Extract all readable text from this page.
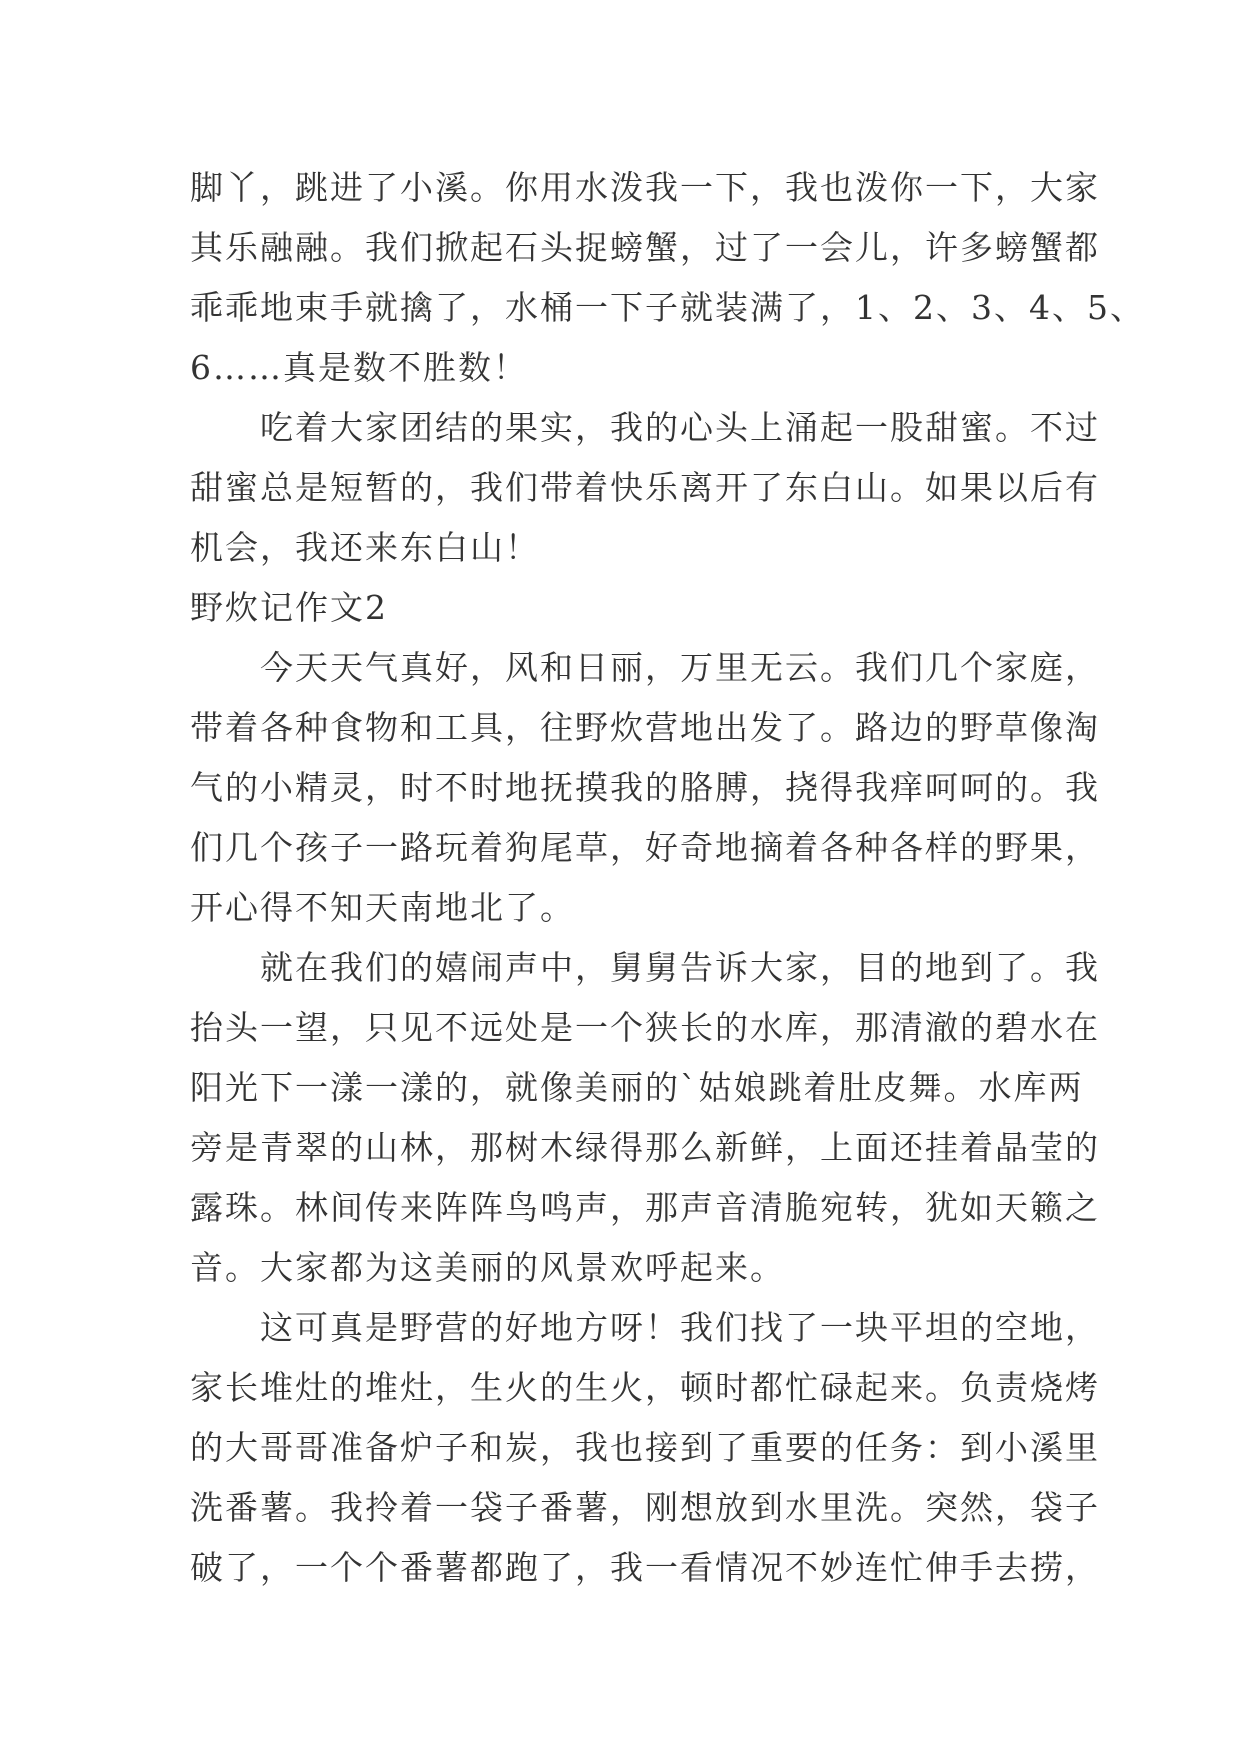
脚丫，跳进了小溪。你用水泼我一下，我也泼你一下，大家
其乐融融。我们掀起石头捉螃蟹，过了一会儿，许多螃蟹都
乖乖地束手就擒了，水桶一下子就装满了，1、2、3、4、5、
6……真是数不胜数！
吃着大家团结的果实，我的心头上涌起一股甜蜜。不过
甜蜜总是短暂的，我们带着快乐离开了东白山。如果以后有
机会，我还来东白山！
野炊记作文2
今天天气真好，风和日丽，万里无云。我们几个家庭，
带着各种食物和工具，往野炊营地出发了。路边的野草像淘
气的小精灵，时不时地抚摸我的胳膊，挠得我痒呵呵的。我
们几个孩子一路玩着狗尾草，好奇地摘着各种各样的野果，
开心得不知天南地北了。
就在我们的嬉闹声中，舅舅告诉大家，目的地到了。我
抬头一望，只见不远处是一个狭长的水库，那清澈的碧水在
阳光下一漾一漾的，就像美丽的`姑娘跳着肚皮舞。水库两
旁是青翠的山林，那树木绿得那么新鲜，上面还挂着晶莹的
露珠。林间传来阵阵鸟鸣声，那声音清脆宛转，犹如天籁之
音。大家都为这美丽的风景欢呼起来。
这可真是野营的好地方呀！我们找了一块平坦的空地，
家长堆灶的堆灶，生火的生火，顿时都忙碌起来。负责烧烤
的大哥哥准备炉子和炭，我也接到了重要的任务：到小溪里
洗番薯。我拎着一袋子番薯，刚想放到水里洗。突然，袋子
破了，一个个番薯都跑了，我一看情况不妙连忙伸手去捞，
